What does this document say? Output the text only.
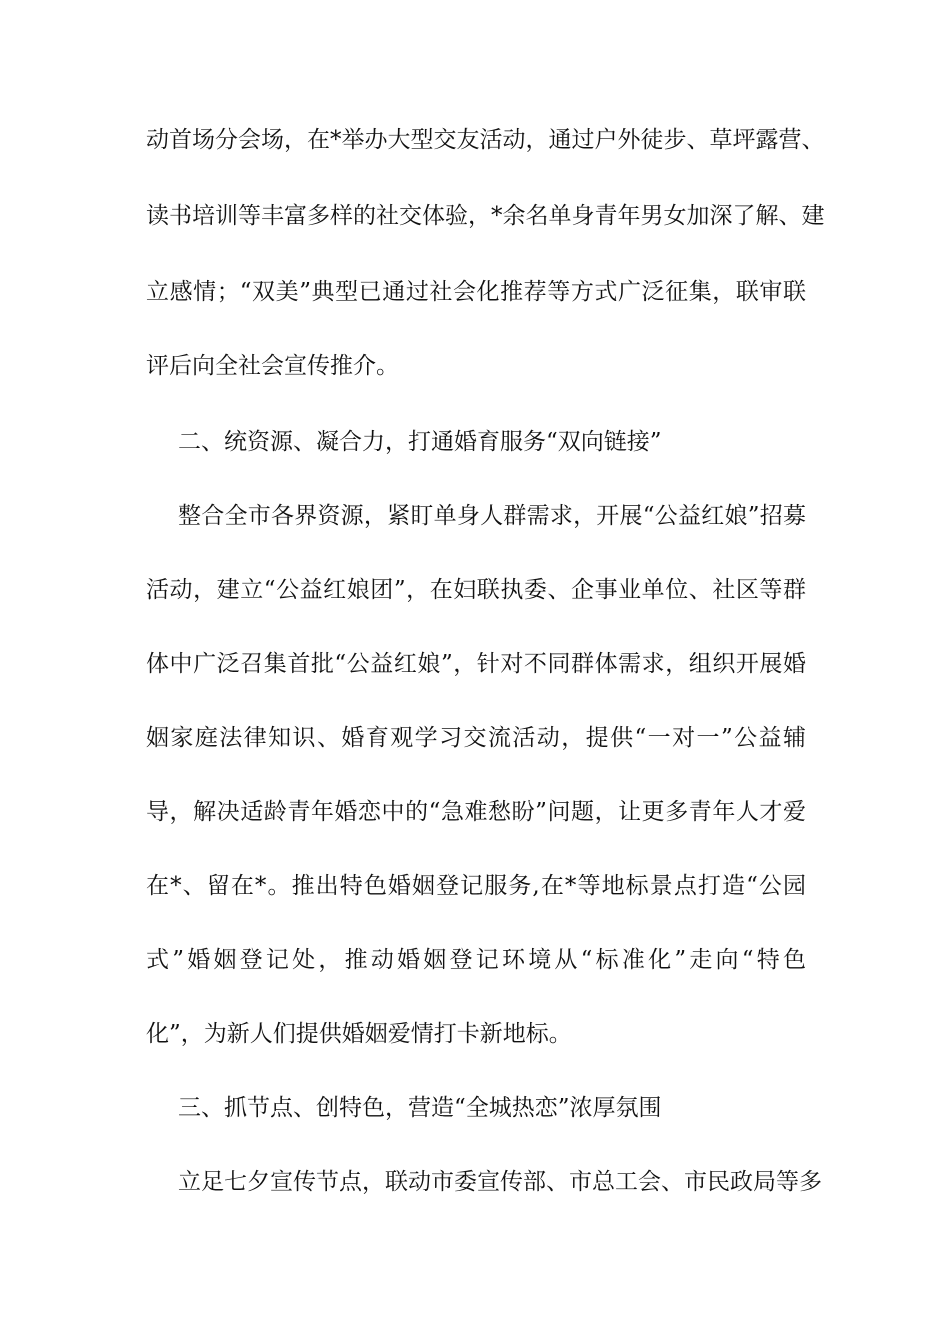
动首场分会场，在*举办大型交友活动，通过户外徒步、草坪露营、
读书培训等丰富多样的社交体验，*余名单身青年男女加深了解、建
立感情；“双美”典型已通过社会化推荐等方式广泛征集，联审联
评后向全社会宣传推介。
二、统资源、凝合力，打通婚育服务“双向链接”
整合全市各界资源，紧盯单身人群需求，开展“公益红娘”招募
活动，建立“公益红娘团”，在妇联执委、企事业单位、社区等群
体中广泛召集首批“公益红娘”，针对不同群体需求，组织开展婚
姻家庭法律知识、婚育观学习交流活动，提供“一对一”公益辅
导，解决适龄青年婚恋中的“急难愁盼”问题，让更多青年人才爱
在*、留在*。推出特色婚姻登记服务,在*等地标景点打造“公园
式”婚姻登记处，推动婚姻登记环境从“标准化”走向“特色
化”，为新人们提供婚姻爱情打卡新地标。
三、抓节点、创特色，营造“全城热恋”浓厚氛围
立足七夕宣传节点，联动市委宣传部、市总工会、市民政局等多
